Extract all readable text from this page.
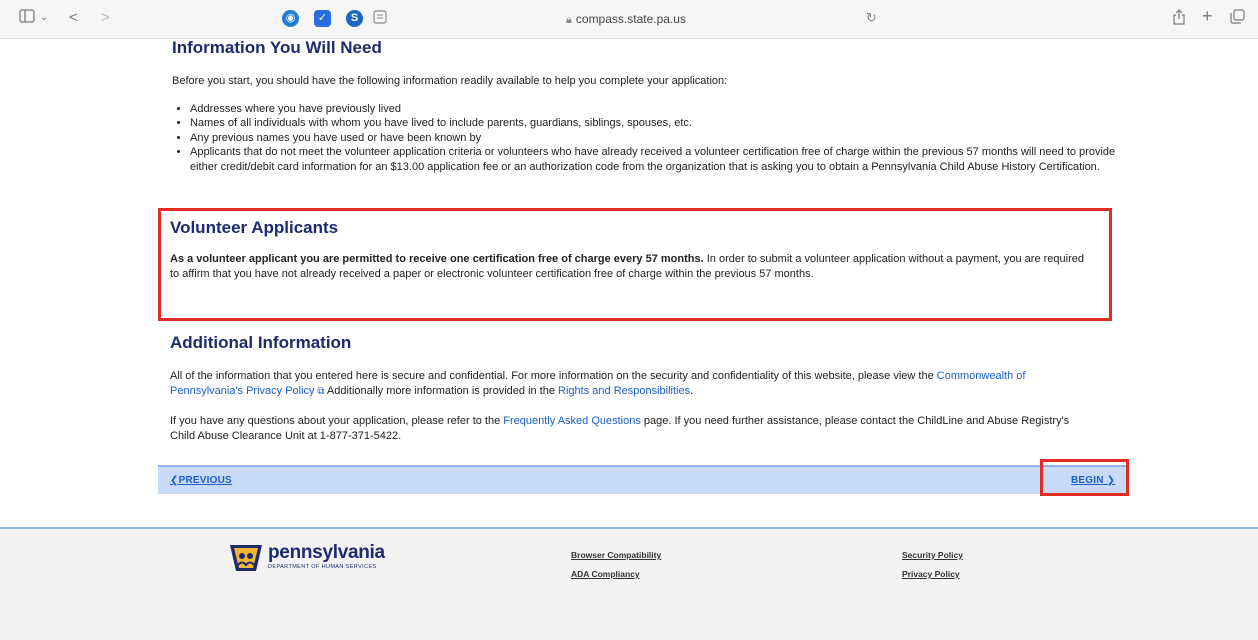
⌄ < >	◉	✓	S	🔒︎ compass.state.pa.us	↻	+
Information You Will Need

Before you start, you should have the following information readily available to help you complete your application:

• Addresses where you have previously lived
• Names of all individuals with whom you have lived to include parents, guardians, siblings, spouses, etc.
• Any previous names you have used or have been known by
• Applicants that do not meet the volunteer application criteria or volunteers who have already received a volunteer certification free of charge within the previous 57 months will need to provide either credit/debit card information for an $13.00 application fee or an authorization code from the organization that is asking you to obtain a Pennsylvania Child Abuse History Certification.
Volunteer Applicants

As a volunteer applicant you are permitted to receive one certification free of charge every 57 months. In order to submit a volunteer application without a payment, you are required to affirm that you have not already received a paper or electronic volunteer certification free of charge within the previous 57 months.

Additional Information

All of the information that you entered here is secure and confidential. For more information on the security and confidentiality of this website, please view the Commonwealth of Pennsylvania's Privacy Policy ⧉ Additionally more information is provided in the Rights and Responsibilities.

If you have any questions about your application, please refer to the Frequently Asked Questions page. If you need further assistance, please contact the ChildLine and Abuse Registry's Child Abuse Clearance Unit at 1-877-371-5422.

❮PREVIOUS	BEGIN ❯
pennsylvania
DEPARTMENT OF HUMAN SERVICES
Browser Compatibility
ADA Compliancy
Security Policy
Privacy Policy
